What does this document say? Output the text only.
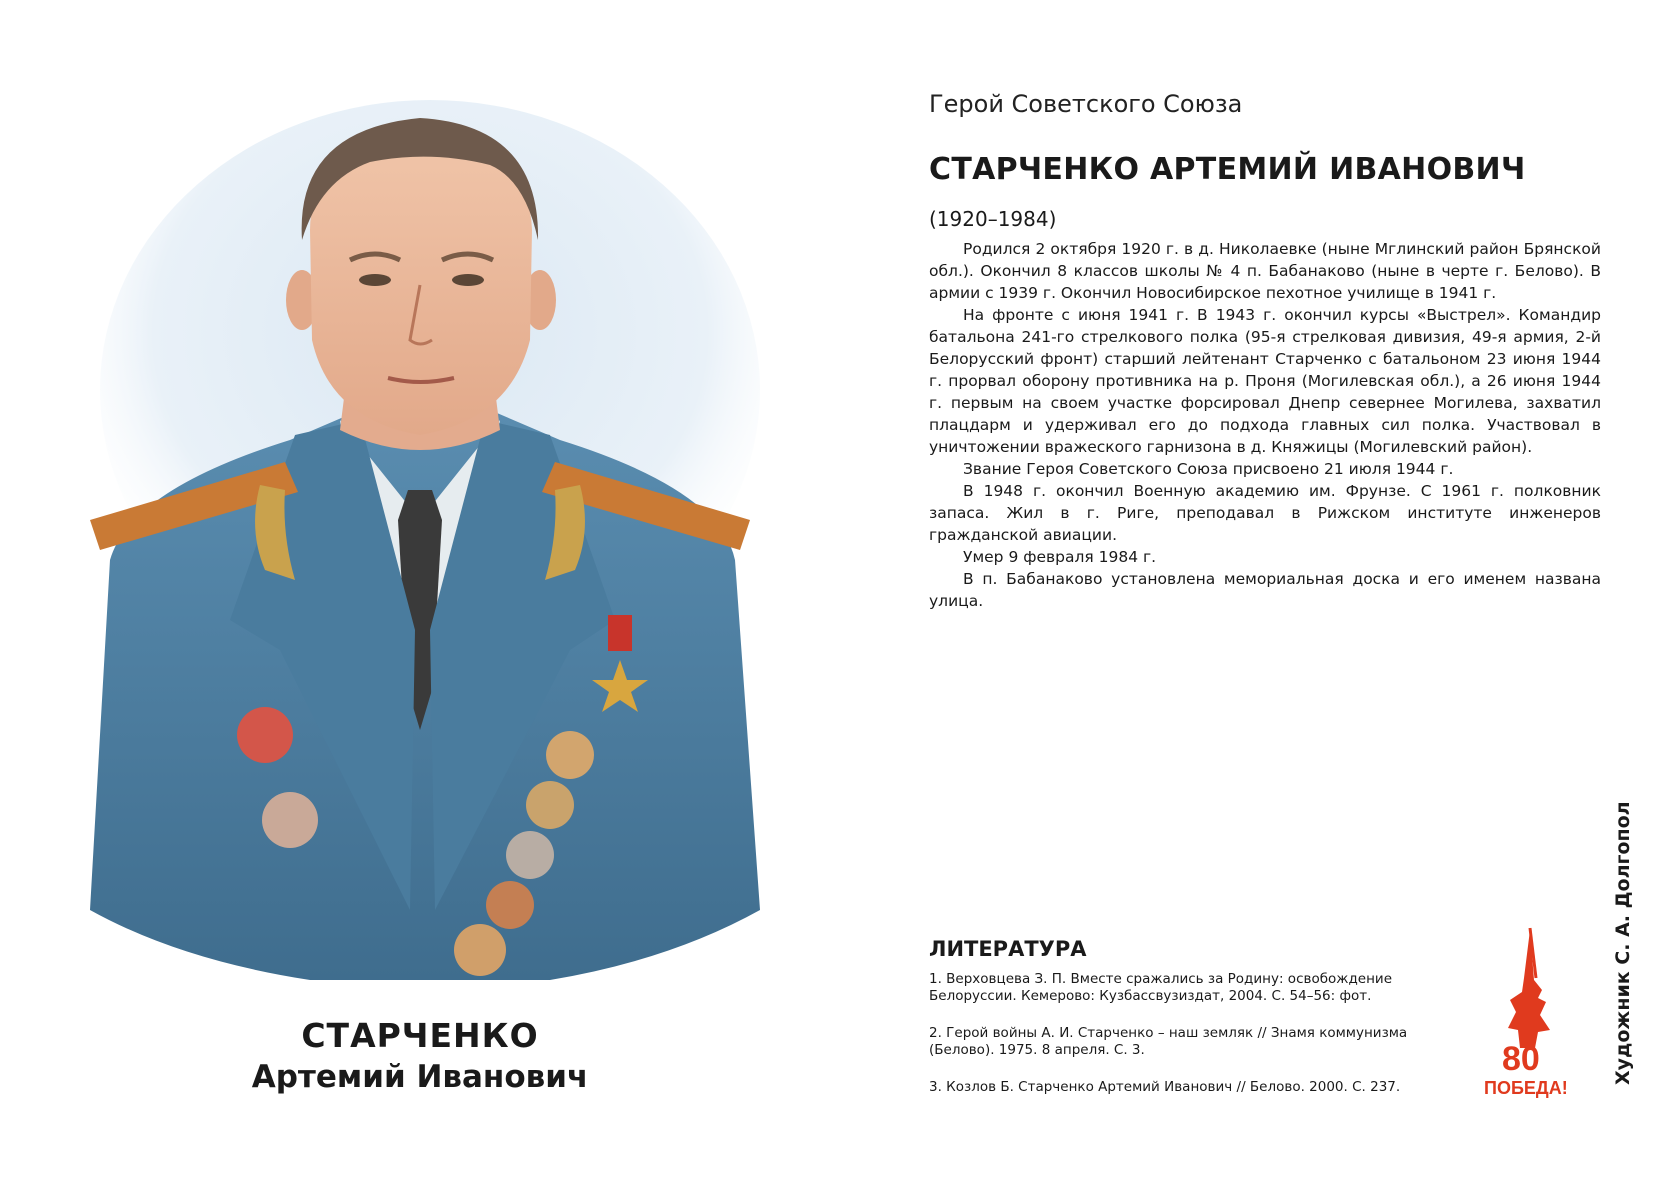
СТАРЧЕНКО
Артемий Иванович

Герой Советского Союза

СТАРЧЕНКО АРТЕМИЙ ИВАНОВИЧ

(1920–1984)

Родился 2 октября 1920 г. в д. Николаевке (ныне Мглинский район Брянской обл.). Окончил 8 классов школы № 4 п. Бабанаково (ныне в черте г. Белово). В армии с 1939 г. Окончил Новосибирское пехотное училище в 1941 г.

На фронте с июня 1941 г. В 1943 г. окончил курсы «Выстрел». Командир батальона 241-го стрелкового полка (95-я стрелковая дивизия, 49-я армия, 2-й Белорусский фронт) старший лейтенант Старченко с батальоном 23 июня 1944 г. прорвал оборону противника на р. Проня (Могилевская обл.), а 26 июня 1944 г. первым на своем участке форсировал Днепр севернее Могилева, захватил плацдарм и удерживал его до подхода главных сил полка. Участвовал в уничтожении вражеского гарнизона в д. Княжицы (Могилевский район).

Звание Героя Советского Союза присвоено 21 июля 1944 г.

В 1948 г. окончил Военную академию им. Фрунзе. С 1961 г. полковник запаса. Жил в г. Риге, преподавал в Рижском институте инженеров гражданской авиации.

Умер 9 февраля 1984 г.

В п. Бабанаково установлена мемориальная доска и его именем названа улица.

ЛИТЕРАТУРА

1. Верховцева З. П. Вместе сражались за Родину: освобождение Белоруссии. Кемерово: Кузбассвузиздат, 2004. С. 54–56: фот.

2. Герой войны А. И. Старченко – наш земляк // Знамя коммунизма (Белово). 1975. 8 апреля. С. 3.

3. Козлов Б. Старченко Артемий Иванович // Белово. 2000. С. 237.

80
ПОБЕДА!
Художник С. А. Долгопол
